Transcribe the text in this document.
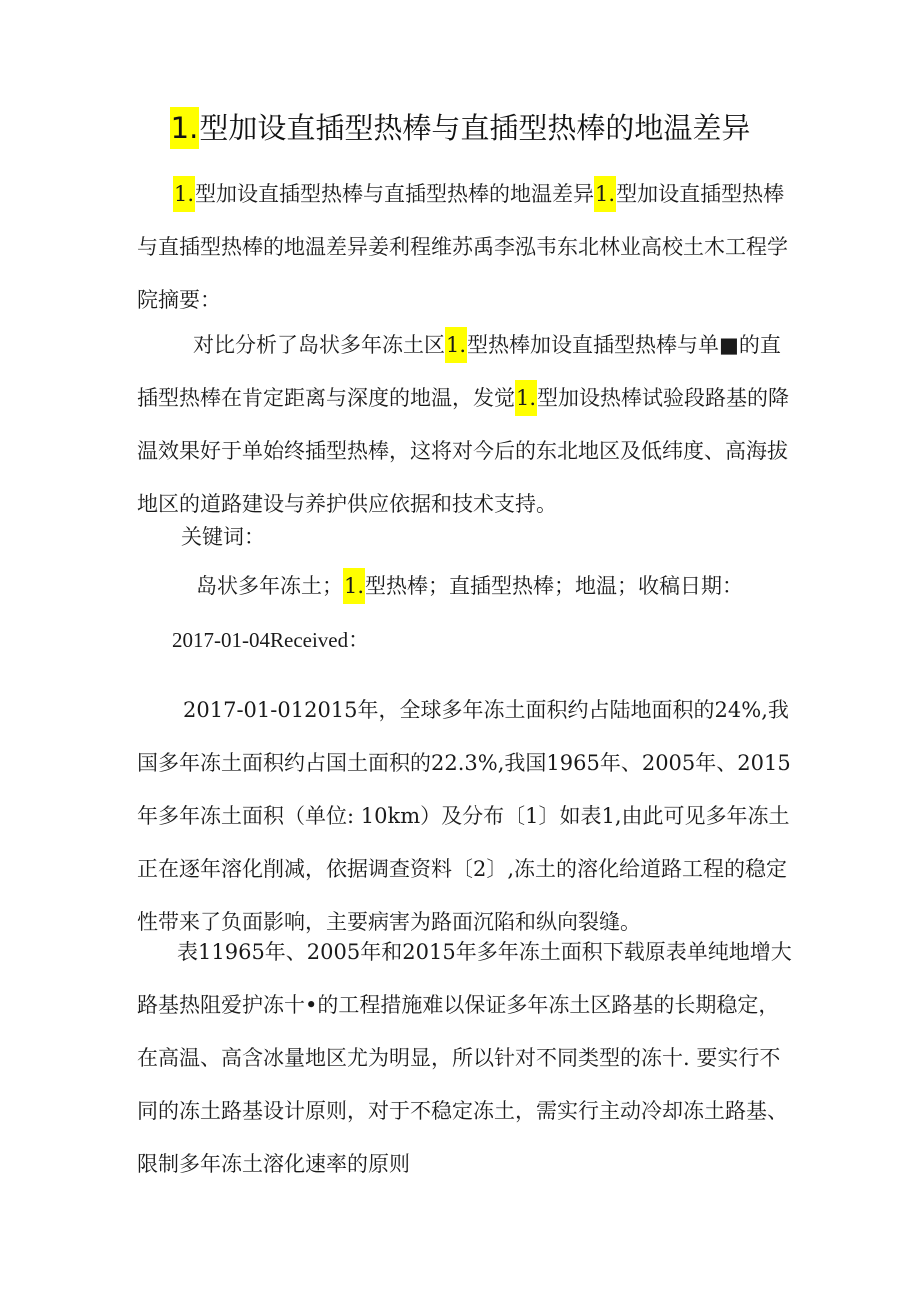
1.型加设直插型热棒与直插型热棒的地温差异

1.型加设直插型热棒与直插型热棒的地温差异1.型加设直插型热棒与直插型热棒的地温差异姜利程维苏禹李泓韦东北林业高校土木工程学院摘要：

对比分析了岛状多年冻土区1.型热棒加设直插型热棒与单■的直插型热棒在肯定距离与深度的地温，发觉1.型加设热棒试验段路基的降温效果好于单始终插型热棒，这将对今后的东北地区及低纬度、高海拔地区的道路建设与养护供应依据和技术支持。

关键词：

岛状多年冻土；1.型热棒；直插型热棒；地温；收稿日期：

2017-01-04Received：

2017-01-012015年，全球多年冻土面积约占陆地面积的24%,我国多年冻土面积约占国土面积的22.3%,我国1965年、2005年、2015年多年冻土面积（单位: 10km）及分布〔1〕如表1,由此可见多年冻土正在逐年溶化削减，依据调查资料〔2〕,冻土的溶化给道路工程的稳定性带来了负面影响，主要病害为路面沉陷和纵向裂缝。

表11965年、2005年和2015年多年冻土面积下载原表单纯地增大路基热阻爱护冻十•的工程措施难以保证多年冻土区路基的长期稳定，在高温、高含冰量地区尤为明显，所以针对不同类型的冻十. 要实行不同的冻土路基设计原则，对于不稳定冻土，需实行主动冷却冻土路基、限制多年冻土溶化速率的原则
